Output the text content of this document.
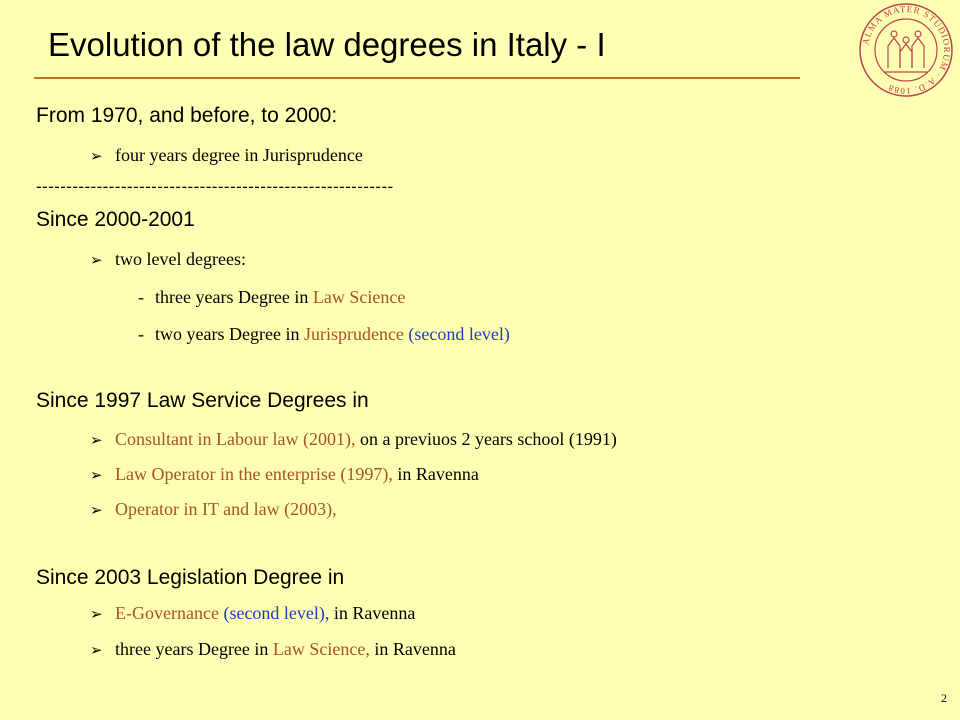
Evolution of the law degrees in Italy - I	ALMA MATER STUDIORUM · A.D. 1088
From 1970, and before, to 2000:
➢ four years degree in Jurisprudence
-----------------------------------------------------------
Since 2000-2001
➢ two level degrees:
- three years Degree in Law Science
- two years Degree in Jurisprudence (second level)
Since 1997 Law Service Degrees in
➢ Consultant in Labour law (2001), on a previuos 2 years school (1991)
➢ Law Operator in the enterprise (1997), in Ravenna
➢ Operator in IT and law (2003),
Since 2003 Legislation Degree in
➢ E-Governance (second level), in Ravenna
➢ three years Degree in Law Science, in Ravenna
2
